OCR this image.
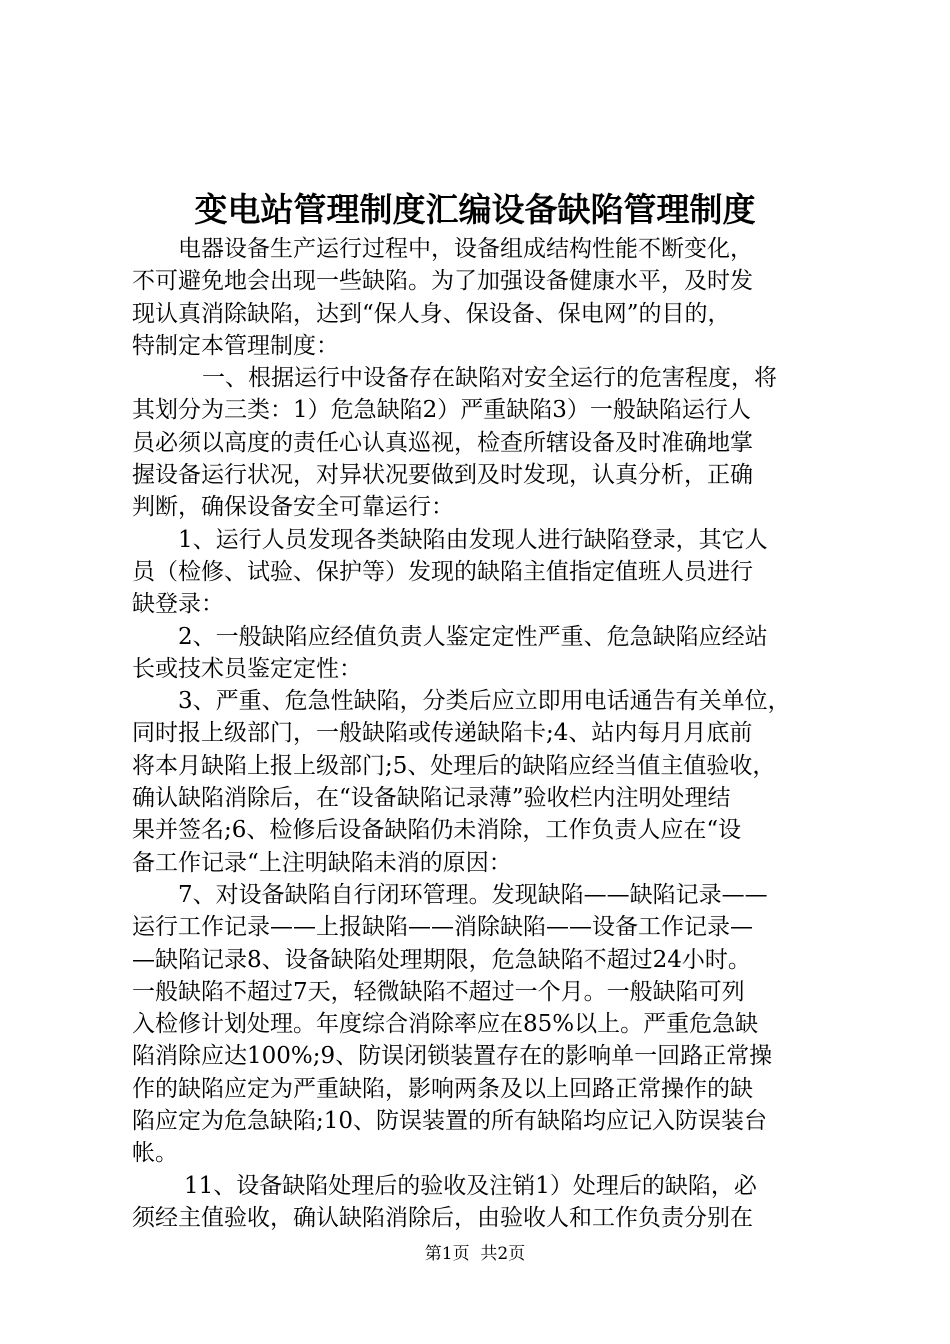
变电站管理制度汇编设备缺陷管理制度

电器设备生产运行过程中，设备组成结构性能不断变化，
不可避免地会出现一些缺陷。为了加强设备健康水平，及时发
现认真消除缺陷，达到“保人身、保设备、保电网”的目的，
特制定本管理制度：

一、根据运行中设备存在缺陷对安全运行的危害程度，将
其划分为三类：1）危急缺陷2）严重缺陷3）一般缺陷运行人
员必须以高度的责任心认真巡视，检查所辖设备及时准确地掌
握设备运行状况，对异状况要做到及时发现，认真分析，正确
判断，确保设备安全可靠运行：

1、运行人员发现各类缺陷由发现人进行缺陷登录，其它人
员（检修、试验、保护等）发现的缺陷主值指定值班人员进行
缺登录：

2、一般缺陷应经值负责人鉴定定性严重、危急缺陷应经站
长或技术员鉴定定性：

3、严重、危急性缺陷，分类后应立即用电话通告有关单位，
同时报上级部门，一般缺陷或传递缺陷卡;4、站内每月月底前
将本月缺陷上报上级部门;5、处理后的缺陷应经当值主值验收，
确认缺陷消除后，在“设备缺陷记录薄”验收栏内注明处理结
果并签名;6、检修后设备缺陷仍未消除，工作负责人应在“设
备工作记录“上注明缺陷未消的原因：

7、对设备缺陷自行闭环管理。发现缺陷——缺陷记录——
运行工作记录——上报缺陷——消除缺陷——设备工作记录—
—缺陷记录8、设备缺陷处理期限，危急缺陷不超过24小时。
一般缺陷不超过7天，轻微缺陷不超过一个月。一般缺陷可列
入检修计划处理。年度综合消除率应在85%以上。严重危急缺
陷消除应达100%;9、防误闭锁装置存在的影响单一回路正常操
作的缺陷应定为严重缺陷，影响两条及以上回路正常操作的缺
陷应定为危急缺陷;10、防误装置的所有缺陷均应记入防误装台
帐。

11、设备缺陷处理后的验收及注销1）处理后的缺陷，必
须经主值验收，确认缺陷消除后，由验收人和工作负责分别在

第1页  共2页
